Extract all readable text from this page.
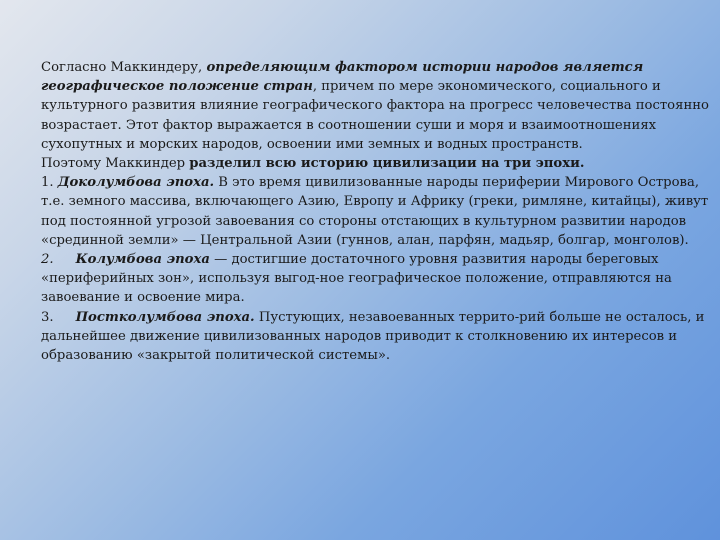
Согласно Маккиндеру, определяющим фактором истории народов является географическое положение стран, причем по мере экономического, социального и культурного развития влияние географического фактора на прогресс человечества постоянно возрастает. Этот фактор выражается в соотношении суши и моря и взаимоотношениях сухопутных и морских народов, освоении ими земных и водных пространств.

Поэтому Маккиндер разделил всю историю цивилизации на три эпохи.

1. Доколумбова эпоха. В это время цивилизованные народы периферии Мирового Острова, т.е. земного массива, включающего Азию, Европу и Африку (греки, римляне, китайцы), живут под постоянной угрозой завоевания со стороны отстающих в культурном развитии народов «срединной земли» — Центральной Азии (гуннов, алан, парфян, мадьяр, болгар, монголов).

2. Колумбова эпоха — достигшие достаточного уровня развития народы береговых «периферийных зон», используя выгод-ное географическое положение, отправляются на завоевание и освоение мира.

3. Постколумбова эпоха. Пустующих, незавоеванных террито-рий больше не осталось, и дальнейшее движение цивилизованных народов приводит к столкновению их интересов и образованию «закрытой политической системы».
